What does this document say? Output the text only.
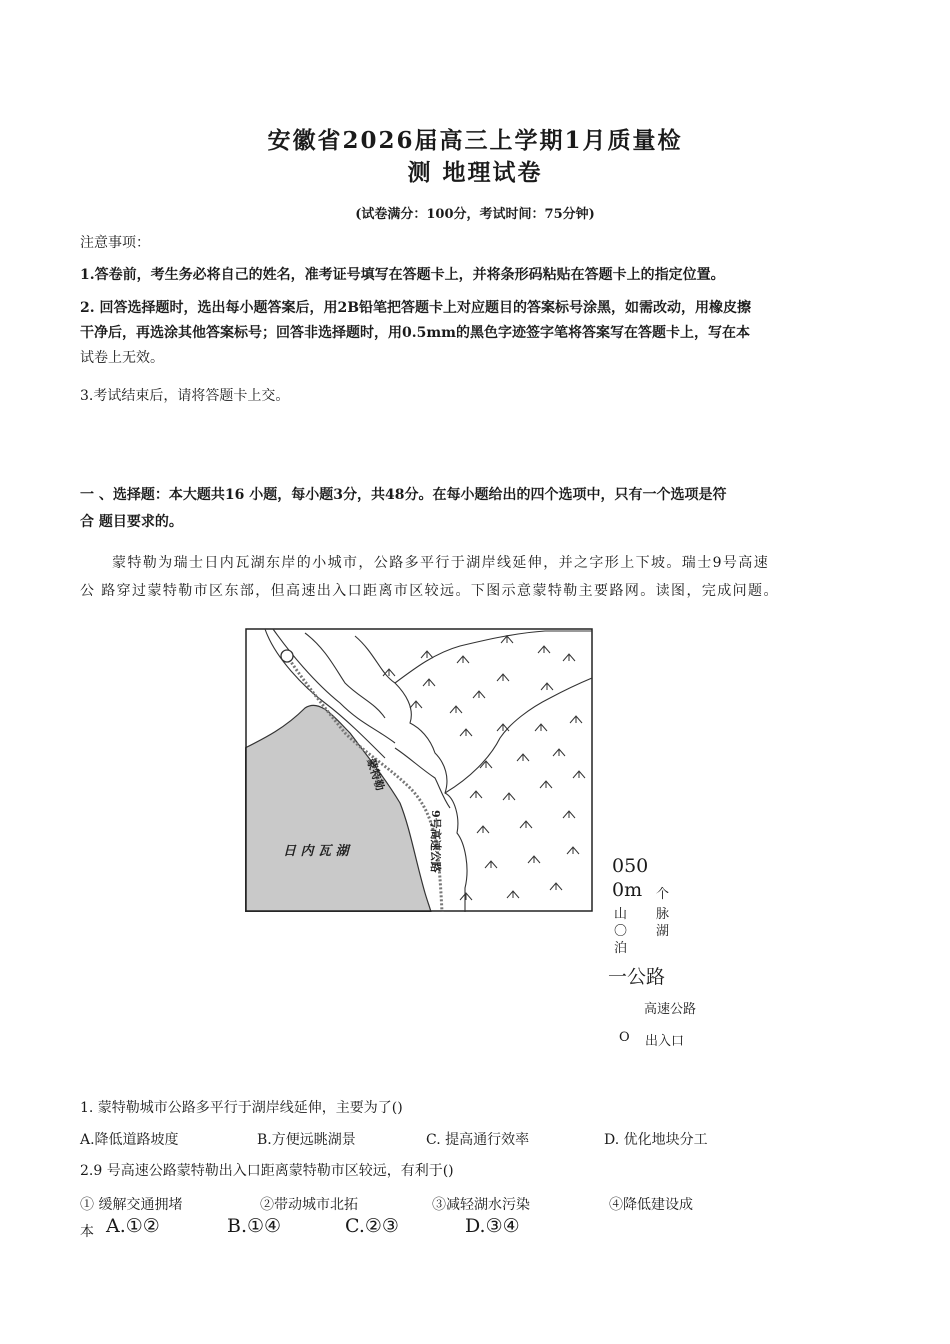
安徽省2026届高三上学期1月质量检
测 地理试卷
(试卷满分：100分，考试时间：75分钟)
注意事项：
1.答卷前，考生务必将自己的姓名，准考证号填写在答题卡上，并将条形码粘贴在答题卡上的指定位置。
2. 回答选择题时，选出每小题答案后，用2B铅笔把答题卡上对应题目的答案标号涂黑，如需改动，用橡皮擦
干净后，再选涂其他答案标号；回答非选择题时，用0.5mm的黑色字迹签字笔将答案写在答题卡上，写在本
试卷上无效。
3.考试结束后，请将答题卡上交。
一 、选择题：本大题共16 小题，每小题3分，共48分。在每小题给出的四个选项中，只有一个选项是符
合 题目要求的。
蒙特勒为瑞士日内瓦湖东岸的小城市，公路多平行于湖岸线延伸，并之字形上下坡。瑞士9号高速
公 路穿过蒙特勒市区东部，但高速出入口距离市区较远。下图示意蒙特勒主要路网。读图，完成问题。
日 内 瓦 湖
蒙特勒
9号高速公路	050
0m 个
山 脉
〇 湖
泊
一公路
高速公路
O 出入口
1. 蒙特勒城市公路多平行于湖岸线延伸，主要为了()
A.降低道路坡度	B.方便远眺湖景	C. 提高通行效率	D. 优化地块分工
2.9 号高速公路蒙特勒出入口距离蒙特勒市区较远，有利于()
① 缓解交通拥堵	②带动城市北拓	③减轻湖水污染	④降低建设成
本 A.①②	B.①④	C.②③	D.③④
